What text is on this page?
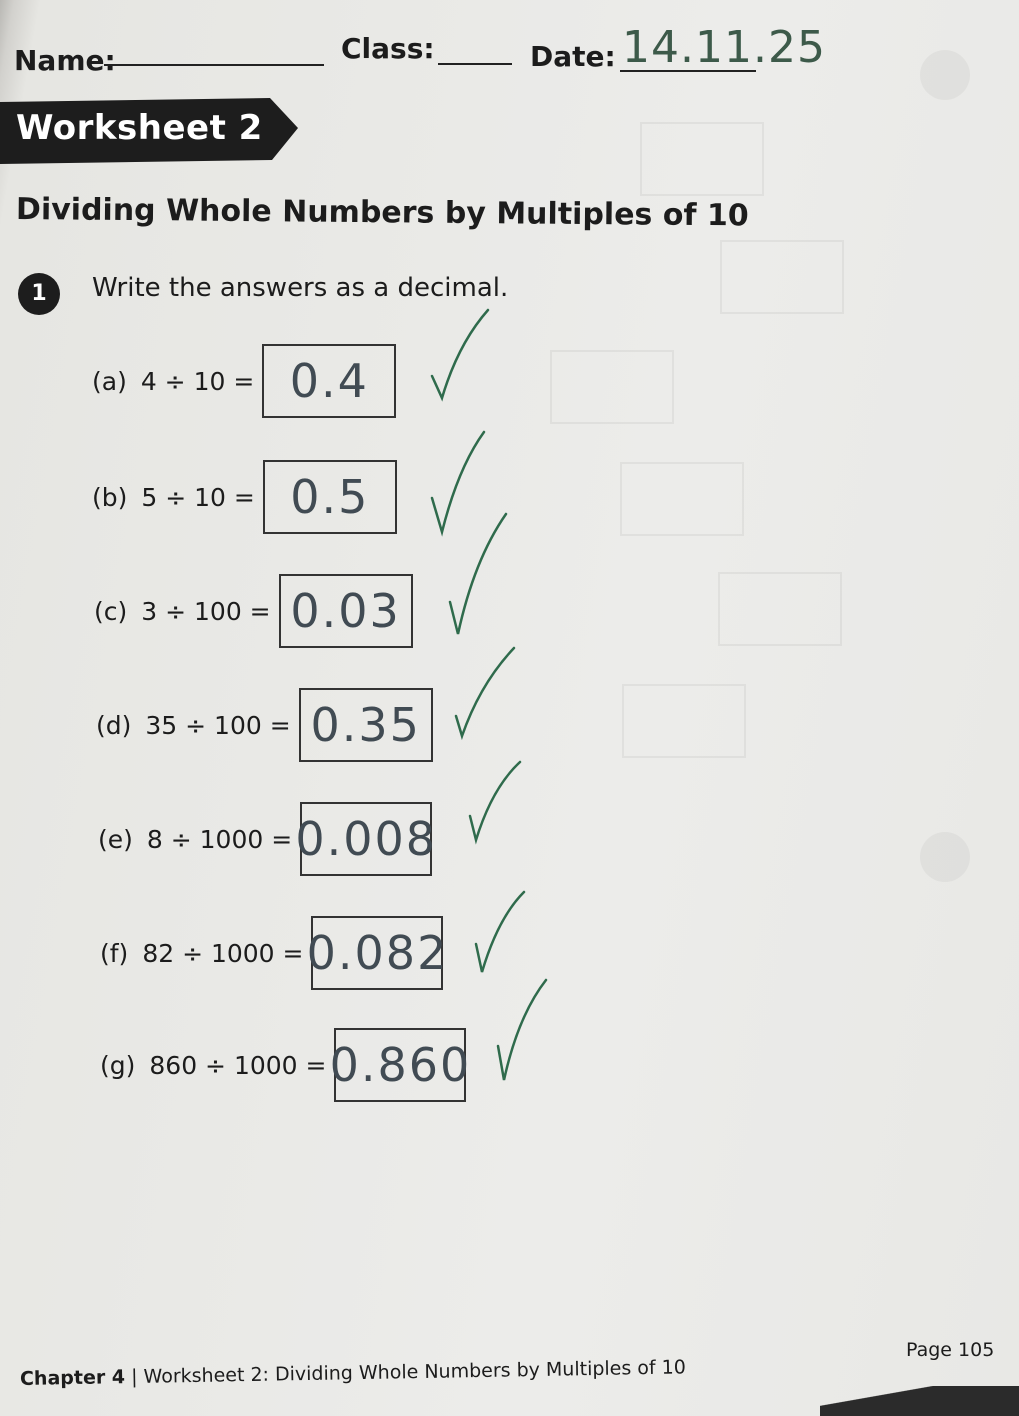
Name:	Class:	Date: 14.11.25
Worksheet 2
Dividing Whole Numbers by Multiples of 10
1	Write the answers as a decimal.
(a) 4 ÷ 10 = 0.4
(b) 5 ÷ 10 = 0.5
(c) 3 ÷ 100 = 0.03
(d) 35 ÷ 100 = 0.35
(e) 8 ÷ 1000 = 0.008
(f) 82 ÷ 1000 = 0.082
(g) 860 ÷ 1000 = 0.860
Chapter 4 | Worksheet 2: Dividing Whole Numbers by Multiples of 10
Page 105
